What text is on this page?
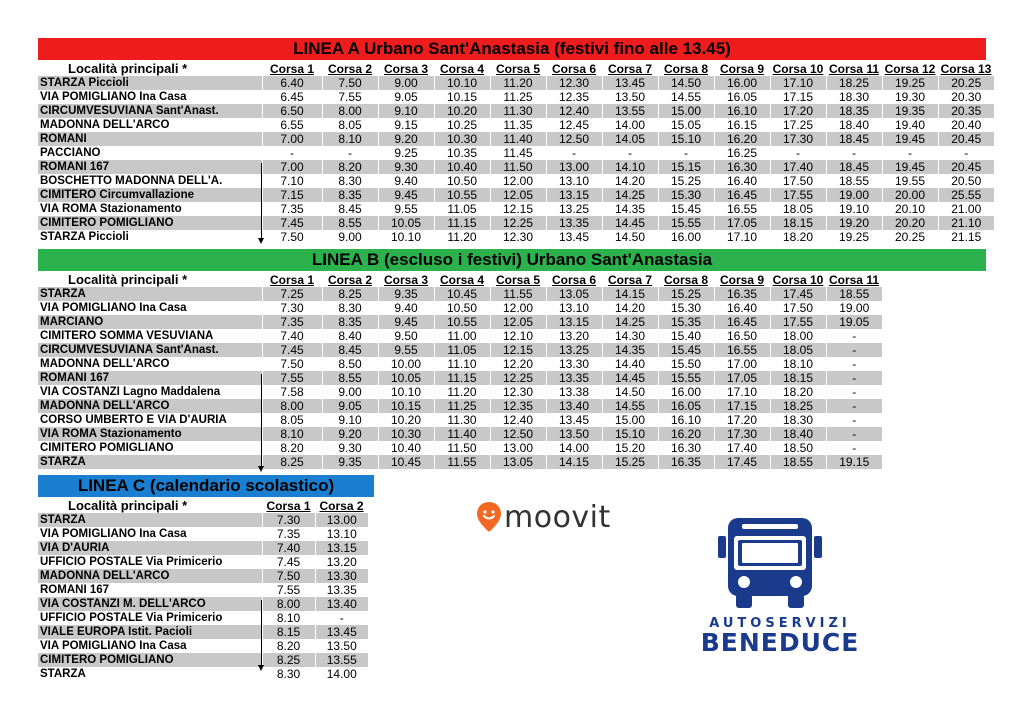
LINEA A Urbano Sant'Anastasia (festivi fino alle 13.45)
Località principali *	Corsa 1	Corsa 2	Corsa 3	Corsa 4	Corsa 5	Corsa 6	Corsa 7	Corsa 8	Corsa 9	Corsa 10	Corsa 11	Corsa 12	Corsa 13
STARZA Piccioli	6.40	7.50	9.00	10.10	11.20	12.30	13.45	14.50	16.00	17.10	18.25	19.25	20.25
VIA POMIGLIANO Ina Casa	6.45	7.55	9.05	10.15	11.25	12.35	13.50	14.55	16.05	17.15	18.30	19.30	20.30
CIRCUMVESUVIANA Sant'Anast.	6.50	8.00	9.10	10.20	11.30	12.40	13.55	15.00	16.10	17.20	18.35	19.35	20.35
MADONNA DELL'ARCO	6.55	8.05	9.15	10.25	11.35	12.45	14.00	15.05	16.15	17.25	18.40	19.40	20.40
ROMANI	7.00	8.10	9.20	10.30	11.40	12.50	14.05	15.10	16.20	17.30	18.45	19.45	20.45
PACCIANO	-	-	9.25	10.35	11.45	-	-	-	16.25	-	-	-	-
ROMANI 167	7.00	8.20	9.30	10.40	11.50	13.00	14.10	15.15	16.30	17.40	18.45	19.45	20.45
BOSCHETTO MADONNA DELL'A.	7.10	8.30	9.40	10.50	12.00	13.10	14.20	15.25	16.40	17.50	18.55	19.55	20.50
CIMITERO Circumvallazione	7.15	8.35	9.45	10.55	12.05	13.15	14.25	15.30	16.45	17.55	19.00	20.00	25.55
VIA ROMA Stazionamento	7.35	8.45	9.55	11.05	12.15	13.25	14.35	15.45	16.55	18.05	19.10	20.10	21.00
CIMITERO POMIGLIANO	7.45	8.55	10.05	11.15	12.25	13.35	14.45	15.55	17.05	18.15	19.20	20.20	21.10
STARZA Piccioli	7.50	9.00	10.10	11.20	12.30	13.45	14.50	16.00	17.10	18.20	19.25	20.25	21.15
LINEA B (escluso i festivi) Urbano Sant'Anastasia
Località principali *	Corsa 1	Corsa 2	Corsa 3	Corsa 4	Corsa 5	Corsa 6	Corsa 7	Corsa 8	Corsa 9	Corsa 10	Corsa 11
STARZA	7.25	8.25	9.35	10.45	11.55	13.05	14.15	15.25	16.35	17.45	18.55
VIA POMIGLIANO Ina Casa	7.30	8.30	9.40	10.50	12.00	13.10	14.20	15.30	16.40	17.50	19.00
MARCIANO	7.35	8.35	9.45	10.55	12.05	13.15	14.25	15.35	16.45	17.55	19.05
CIMITERO SOMMA VESUVIANA	7.40	8.40	9.50	11.00	12.10	13.20	14.30	15.40	16.50	18.00	-
CIRCUMVESUVIANA Sant'Anast.	7.45	8.45	9.55	11.05	12.15	13.25	14.35	15.45	16.55	18.05	-
MADONNA DELL'ARCO	7.50	8.50	10.00	11.10	12.20	13.30	14.40	15.50	17.00	18.10	-
ROMANI 167	7.55	8.55	10.05	11.15	12.25	13.35	14.45	15.55	17.05	18.15	-
VIA COSTANZI Lagno Maddalena	7.58	9.00	10.10	11.20	12.30	13.38	14.50	16.00	17.10	18.20	-
MADONNA DELL'ARCO	8.00	9.05	10.15	11.25	12.35	13.40	14.55	16.05	17.15	18.25	-
CORSO UMBERTO E VIA D'AURIA	8.05	9.10	10.20	11.30	12.40	13.45	15.00	16.10	17.20	18.30	-
VIA ROMA Stazionamento	8.10	9.20	10.30	11.40	12.50	13.50	15.10	16.20	17.30	18.40	-
CIMITERO POMIGLIANO	8.20	9.30	10.40	11.50	13.00	14.00	15.20	16.30	17.40	18.50	-
STARZA	8.25	9.35	10.45	11.55	13.05	14.15	15.25	16.35	17.45	18.55	19.15
LINEA C (calendario scolastico)
Località principali *	Corsa 1	Corsa 2
STARZA	7.30	13.00
VIA POMIGLIANO Ina Casa	7.35	13.10
VIA D'AURIA	7.40	13.15
UFFICIO POSTALE Via Primicerio	7.45	13.20
MADONNA DELL'ARCO	7.50	13.30
ROMANI 167	7.55	13.35
VIA COSTANZI M. DELL'ARCO	8.00	13.40
UFFICIO POSTALE Via Primicerio	8.10	-
VIALE EUROPA Istit. Pacioli	8.15	13.45
VIA POMIGLIANO Ina Casa	8.20	13.50
CIMITERO POMIGLIANO	8.25	13.55
STARZA	8.30	14.00
moovit
AUTOSERVIZI
BENEDUCE
